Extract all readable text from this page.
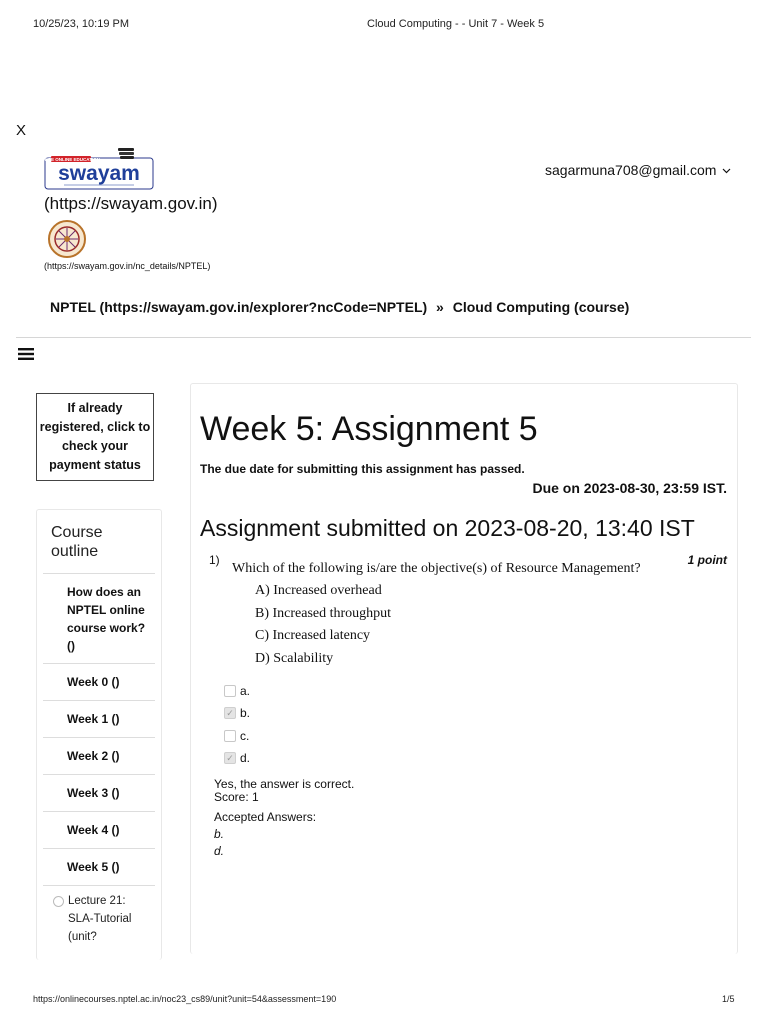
10/25/23, 10:19 PM	Cloud Computing - - Unit 7 - Week 5
X
FREE ONLINE EDUCATION
swayam
(https://swayam.gov.in)
(https://swayam.gov.in/nc_details/NPTEL)
sagarmuna708@gmail.com
NPTEL (https://swayam.gov.in/explorer?ncCode=NPTEL) » Cloud Computing (course)
If already registered, click to check your payment status
Course outline
How does an NPTEL online course work? ()
Week 0 ()
Week 1 ()
Week 2 ()
Week 3 ()
Week 4 ()
Week 5 ()
Lecture 21: SLA-Tutorial (unit?
Week 5: Assignment 5
The due date for submitting this assignment has passed.
Due on 2023-08-30, 23:59 IST.
Assignment submitted on 2023-08-20, 13:40 IST
1)	1 point
Which of the following is/are the objective(s) of Resource Management?
A) Increased overhead
B) Increased throughput
C) Increased latency
D) Scalability
a.
✓ b.
c.
✓ d.
Yes, the answer is correct.
Score: 1
Accepted Answers:
b.
d.
https://onlinecourses.nptel.ac.in/noc23_cs89/unit?unit=54&assessment=190	1/5
